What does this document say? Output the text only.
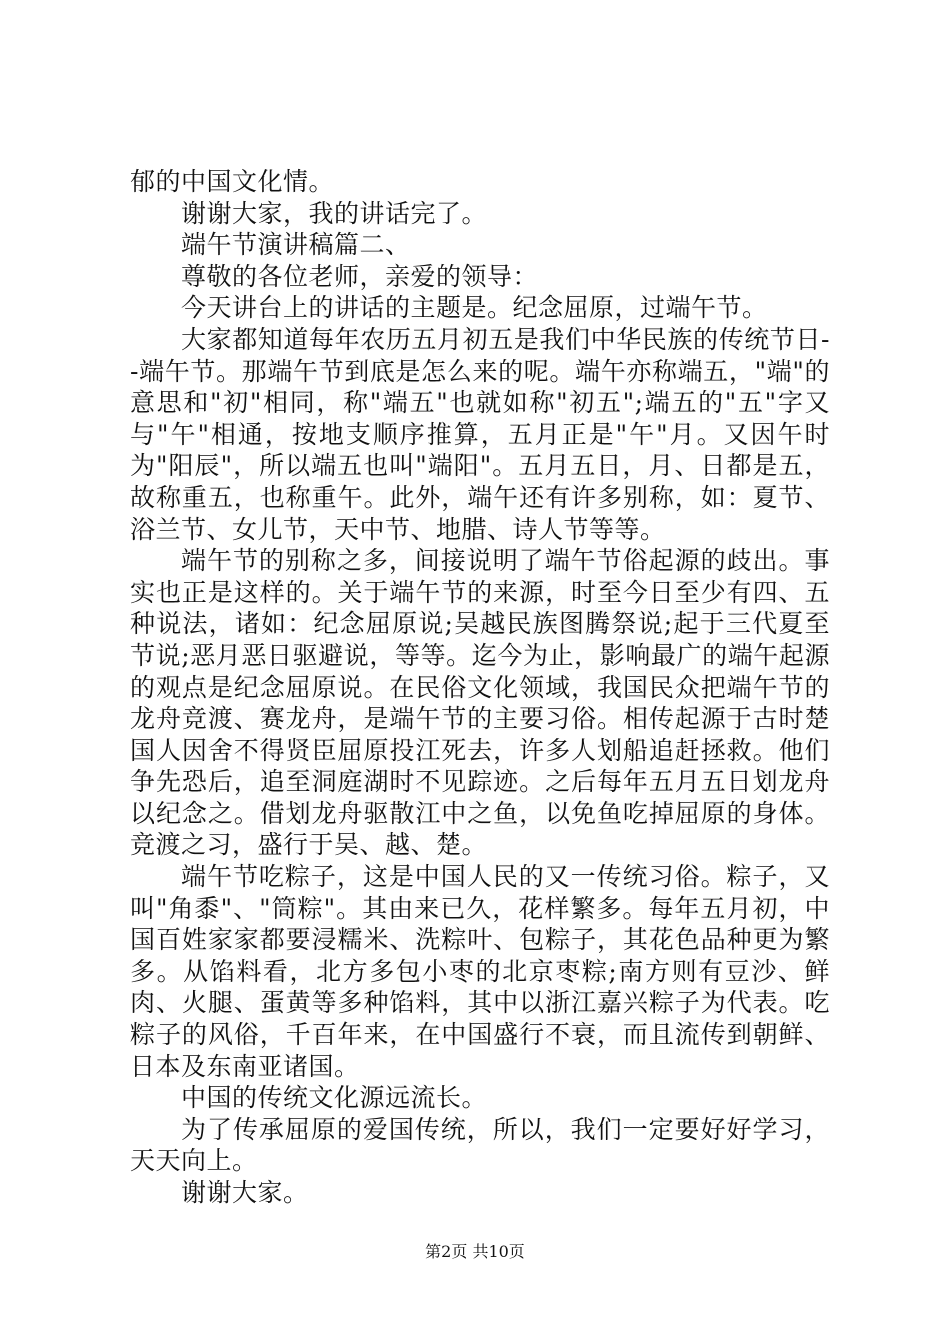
郁的中国文化情。

谢谢大家，我的讲话完了。

端午节演讲稿篇二、

尊敬的各位老师，亲爱的领导：

今天讲台上的讲话的主题是。纪念屈原，过端午节。

大家都知道每年农历五月初五是我们中华民族的传统节日--端午节。那端午节到底是怎么来的呢。端午亦称端五，"端"的意思和"初"相同，称"端五"也就如称"初五";端五的"五"字又与"午"相通，按地支顺序推算，五月正是"午"月。又因午时为"阳辰"，所以端五也叫"端阳"。五月五日，月、日都是五，故称重五，也称重午。此外，端午还有许多别称，如：夏节、浴兰节、女儿节，天中节、地腊、诗人节等等。

端午节的别称之多，间接说明了端午节俗起源的歧出。事实也正是这样的。关于端午节的来源，时至今日至少有四、五种说法，诸如：纪念屈原说;吴越民族图腾祭说;起于三代夏至节说;恶月恶日驱避说，等等。迄今为止，影响最广的端午起源的观点是纪念屈原说。在民俗文化领域，我国民众把端午节的龙舟竞渡、赛龙舟，是端午节的主要习俗。相传起源于古时楚国人因舍不得贤臣屈原投江死去，许多人划船追赶拯救。他们争先恐后，追至洞庭湖时不见踪迹。之后每年五月五日划龙舟以纪念之。借划龙舟驱散江中之鱼，以免鱼吃掉屈原的身体。竞渡之习，盛行于吴、越、楚。

端午节吃粽子，这是中国人民的又一传统习俗。粽子，又叫"角黍"、"筒粽"。其由来已久，花样繁多。每年五月初，中国百姓家家都要浸糯米、洗粽叶、包粽子，其花色品种更为繁多。从馅料看，北方多包小枣的北京枣粽;南方则有豆沙、鲜肉、火腿、蛋黄等多种馅料，其中以浙江嘉兴粽子为代表。吃粽子的风俗，千百年来，在中国盛行不衰，而且流传到朝鲜、日本及东南亚诸国。

中国的传统文化源远流长。

为了传承屈原的爱国传统，所以，我们一定要好好学习，天天向上。

谢谢大家。

第2页 共10页
